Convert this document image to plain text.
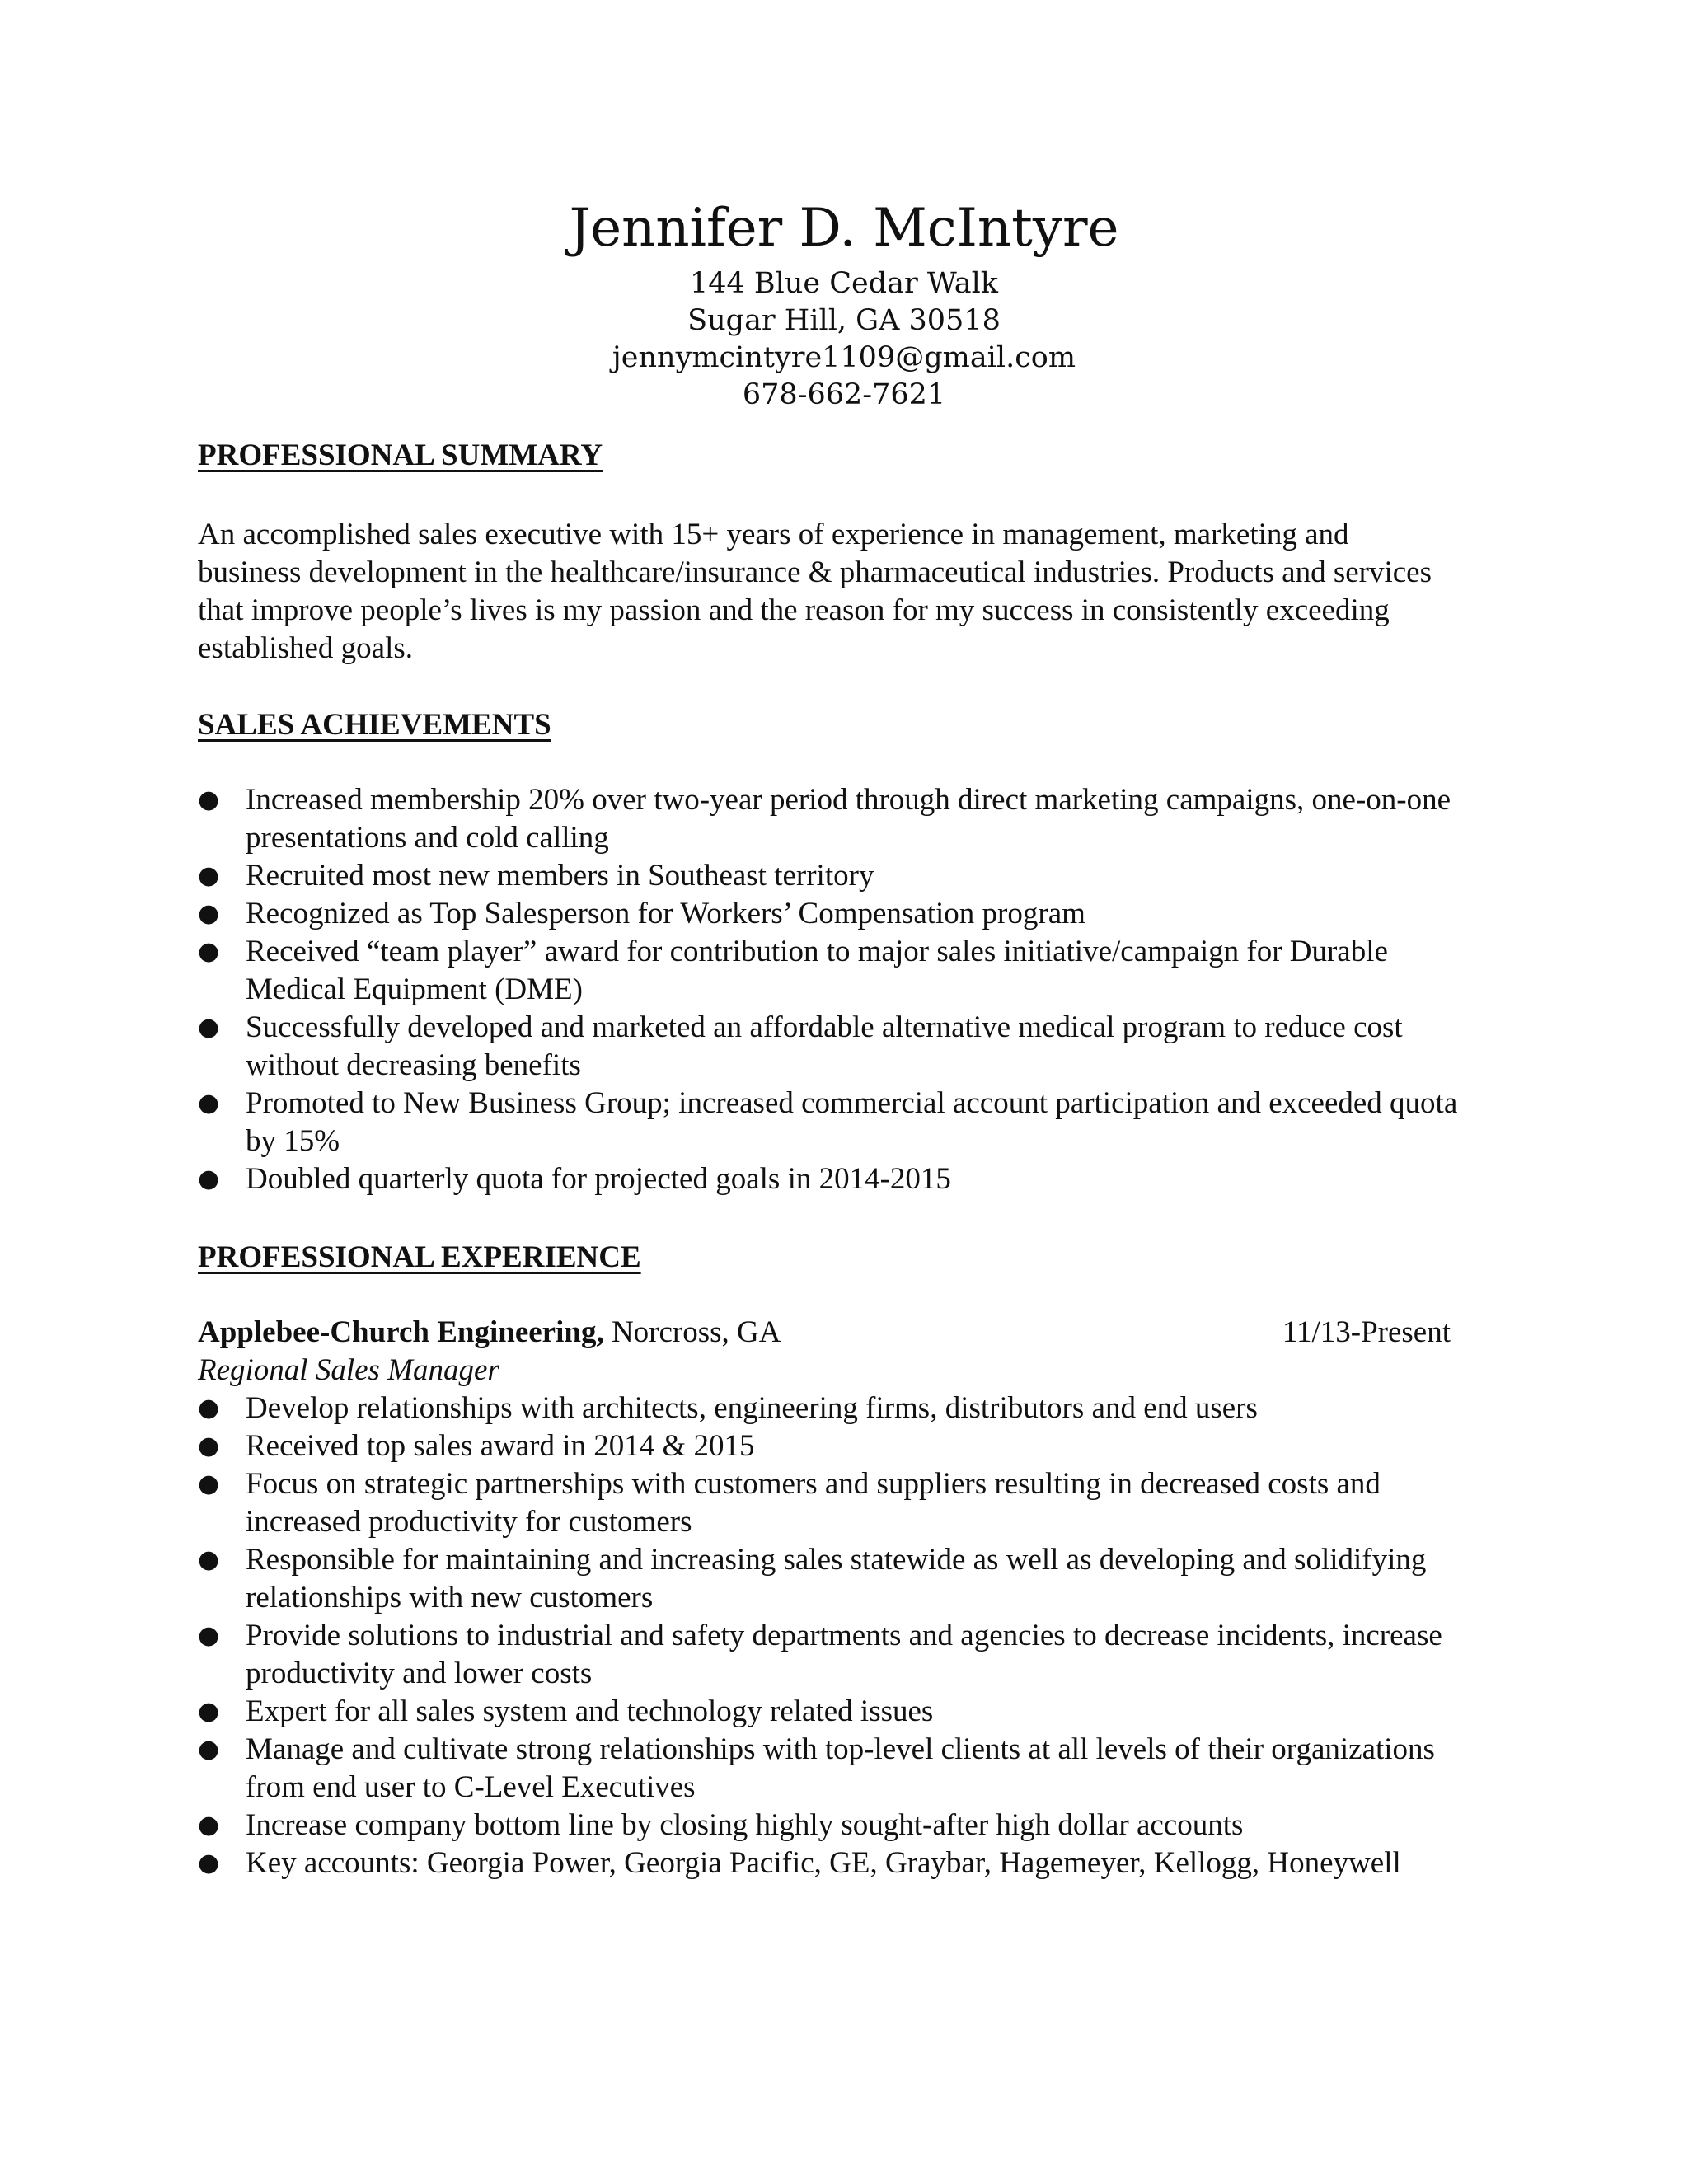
Jennifer D. McIntyre

144 Blue Cedar Walk

Sugar Hill, GA 30518

jennymcintyre1109@gmail.com

678-662-7621

PROFESSIONAL SUMMARY

An accomplished sales executive with 15+ years of experience in management, marketing and business development in the healthcare/insurance & pharmaceutical industries. Products and services that improve people’s lives is my passion and the reason for my success in consistently exceeding established goals.

SALES ACHIEVEMENTS
● Increased membership 20% over two-year period through direct marketing campaigns, one-on-one presentations and cold calling
● Recruited most new members in Southeast territory
● Recognized as Top Salesperson for Workers’ Compensation program
● Received “team player” award for contribution to major sales initiative/campaign for Durable Medical Equipment (DME)
● Successfully developed and marketed an affordable alternative medical program to reduce cost without decreasing benefits
● Promoted to New Business Group; increased commercial account participation and exceeded quota by 15%
● Doubled quarterly quota for projected goals in 2014-2015
PROFESSIONAL EXPERIENCE
Applebee-Church Engineering, Norcross, GA	11/13-Present
Regional Sales Manager
● Develop relationships with architects, engineering firms, distributors and end users
● Received top sales award in 2014 & 2015
● Focus on strategic partnerships with customers and suppliers resulting in decreased costs and increased productivity for customers
● Responsible for maintaining and increasing sales statewide as well as developing and solidifying relationships with new customers
● Provide solutions to industrial and safety departments and agencies to decrease incidents, increase productivity and lower costs
● Expert for all sales system and technology related issues
● Manage and cultivate strong relationships with top-level clients at all levels of their organizations from end user to C-Level Executives
● Increase company bottom line by closing highly sought-after high dollar accounts
● Key accounts: Georgia Power, Georgia Pacific, GE, Graybar, Hagemeyer, Kellogg, Honeywell
